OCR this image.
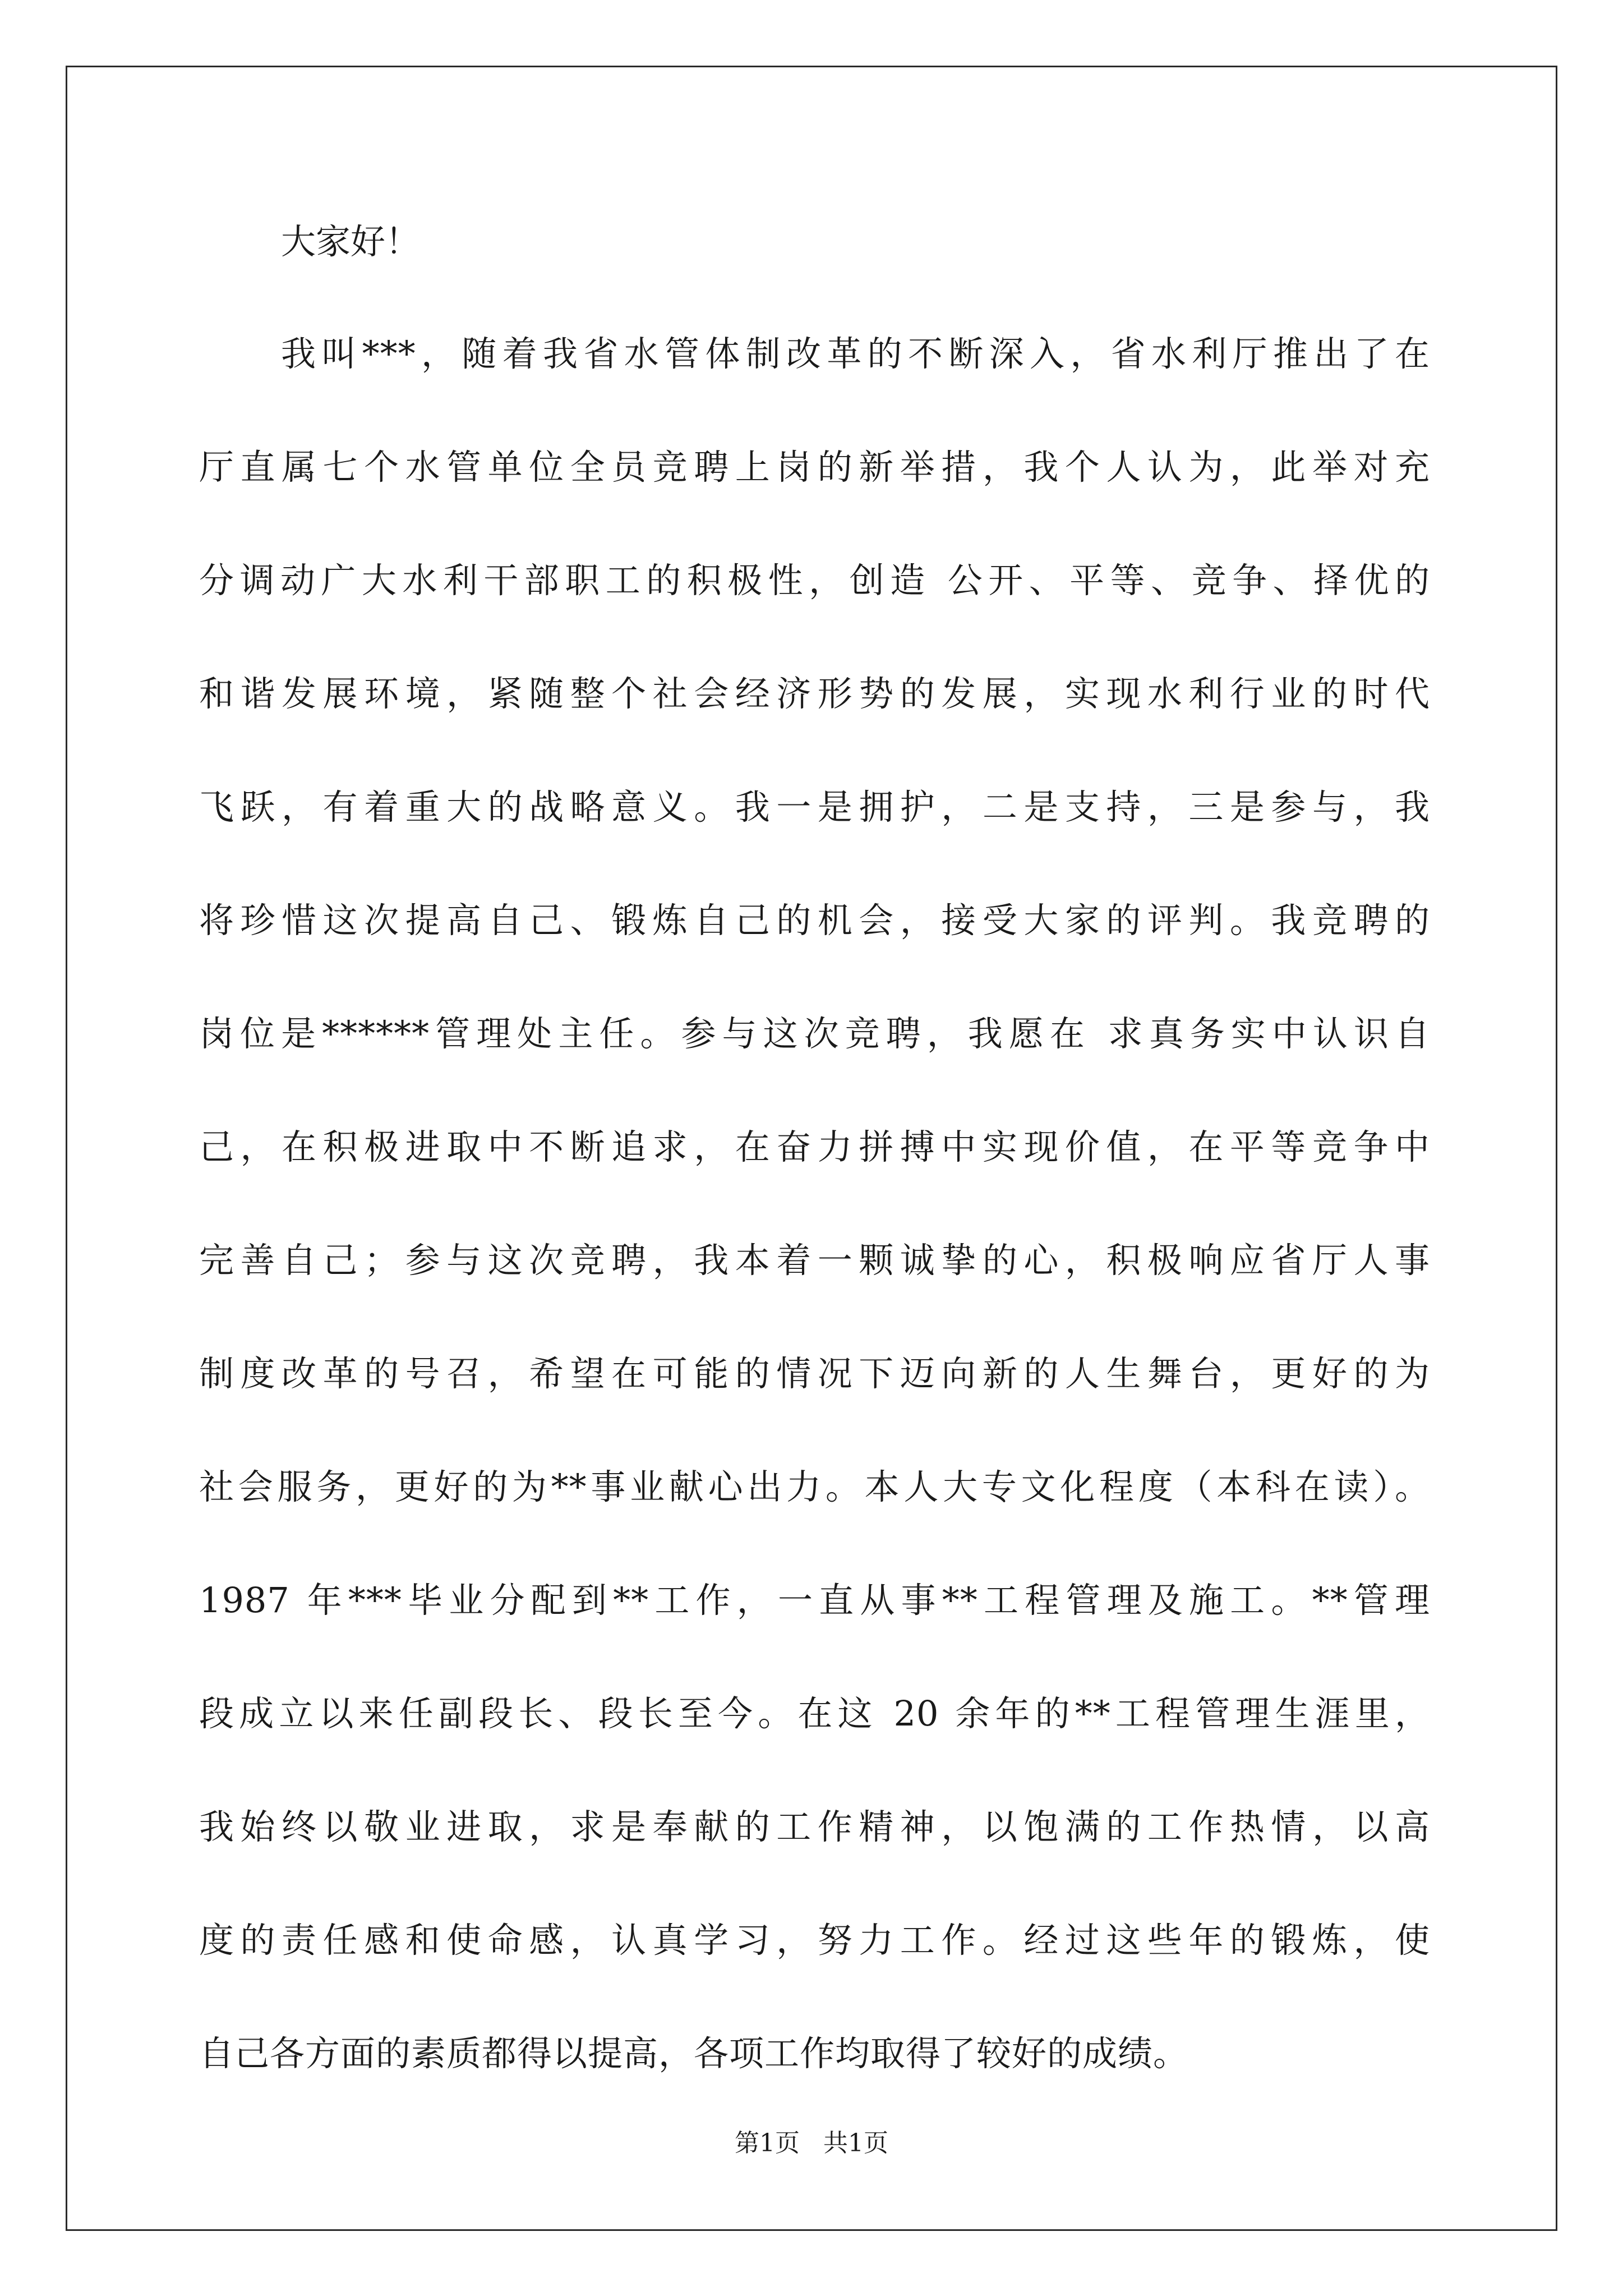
大家好！
我叫***，随着我省水管体制改革的不断深入，省水利厅推出了在
厅直属七个水管单位全员竞聘上岗的新举措，我个人认为，此举对充
分调动广大水利干部职工的积极性，创造 公开、平等、竞争、择优的
和谐发展环境，紧随整个社会经济形势的发展，实现水利行业的时代
飞跃，有着重大的战略意义。我一是拥护，二是支持，三是参与，我
将珍惜这次提高自己、锻炼自己的机会，接受大家的评判。我竞聘的
岗位是******管理处主任。参与这次竞聘，我愿在 求真务实中认识自
己，在积极进取中不断追求，在奋力拼搏中实现价值，在平等竞争中
完善自己；参与这次竞聘，我本着一颗诚挚的心，积极响应省厅人事
制度改革的号召，希望在可能的情况下迈向新的人生舞台，更好的为
社会服务，更好的为**事业献心出力。本人大专文化程度（本科在读）。
1987 年***毕业分配到**工作，一直从事**工程管理及施工。**管理
段成立以来任副段长、段长至今。在这 20 余年的**工程管理生涯里，
我始终以敬业进取，求是奉献的工作精神，以饱满的工作热情，以高
度的责任感和使命感，认真学习，努力工作。经过这些年的锻炼，使
自己各方面的素质都得以提高，各项工作均取得了较好的成绩。
第1页   共1页
